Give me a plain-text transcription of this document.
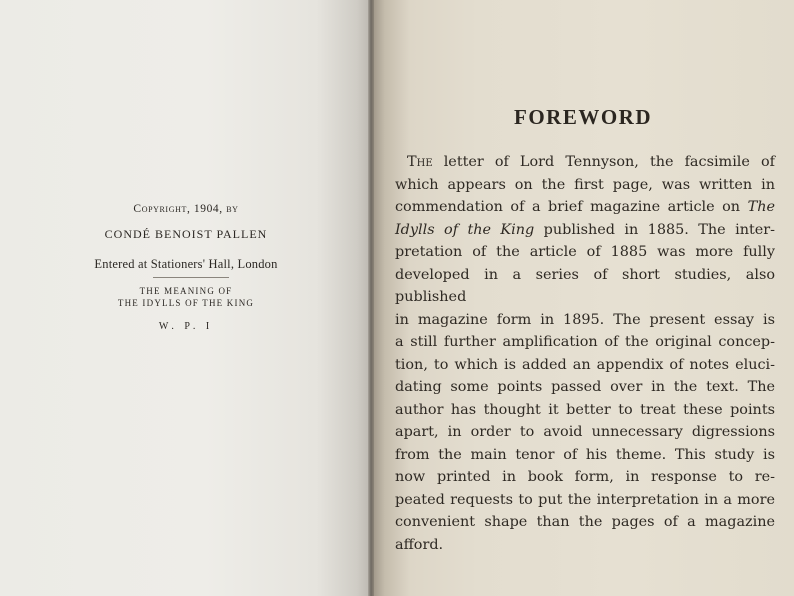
Copyright, 1904, by
CONDÉ BENOIST PALLEN
Entered at Stationers' Hall, London
THE MEANING OF
THE IDYLLS OF THE KING
W. P. I
FOREWORD
The letter of Lord Tennyson, the facsimile of
which appears on the first page, was written in
commendation of a brief magazine article on The
Idylls of the King published in 1885. The inter-
pretation of the article of 1885 was more fully
developed in a series of short studies, also published
in magazine form in 1895. The present essay is
a still further amplification of the original concep-
tion, to which is added an appendix of notes eluci-
dating some points passed over in the text. The
author has thought it better to treat these points
apart, in order to avoid unnecessary digressions
from the main tenor of his theme. This study is
now printed in book form, in response to re-
peated requests to put the interpretation in a more
convenient shape than the pages of a magazine
afford.
